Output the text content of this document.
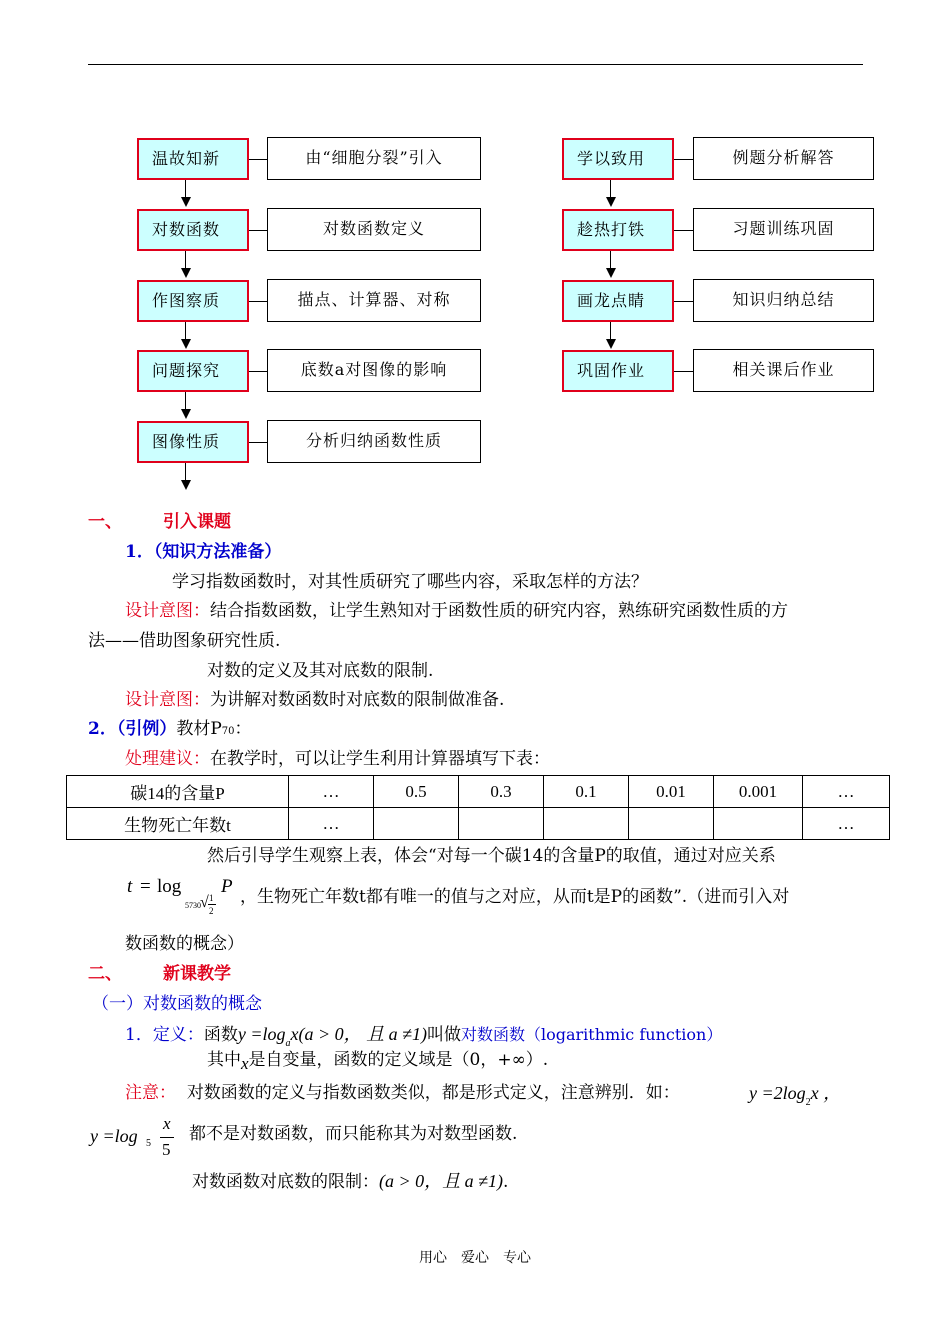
温故知新	由“细胞分裂”引入
对数函数	对数函数定义
作图察质	描点、计算器、对称
问题探究	底数a对图像的影响
图像性质	分析归纳函数性质
学以致用	例题分析解答
趁热打铁	习题训练巩固
画龙点睛	知识归纳总结
巩固作业	相关课后作业
一、 引入课题
1．（知识方法准备）
学习指数函数时，对其性质研究了哪些内容，采取怎样的方法？
设计意图：结合指数函数，让学生熟知对于函数性质的研究内容，熟练研究函数性质的方
法——借助图象研究性质.
对数的定义及其对底数的限制.
设计意图：为讲解对数函数时对底数的限制做准备.
2．（引例）教材P70：
处理建议：在教学时，可以让学生利用计算器填写下表：
碳14的含量P	…	0.5	0.3	0.1	0.01	0.001	…
生物死亡年数t	…						…
然后引导学生观察上表，体会“对每一个碳14的含量P的取值，通过对应关系
t = log
5730 √ 1
2
P ，生物死亡年数t都有唯一的值与之对应，从而t是P的函数”.（进而引入对
数函数的概念）
二、 新课教学
（一）对数函数的概念
1．定义：函数$y =\log_ax(a > 0$， 且 a ≠1)叫做对数函数（logarithmic function）
其中x是自变量，函数的定义域是（0，+∞）.
注意： 对数函数的定义与指数函数类似，都是形式定义，注意辨别．如：	$y =2\log_2x$ ，
y =log 5
x
5
都不是对数函数，而只能称其为对数型函数.
对数函数对底数的限制：(a > 0，且 a ≠1).
用心　爱心　专心
